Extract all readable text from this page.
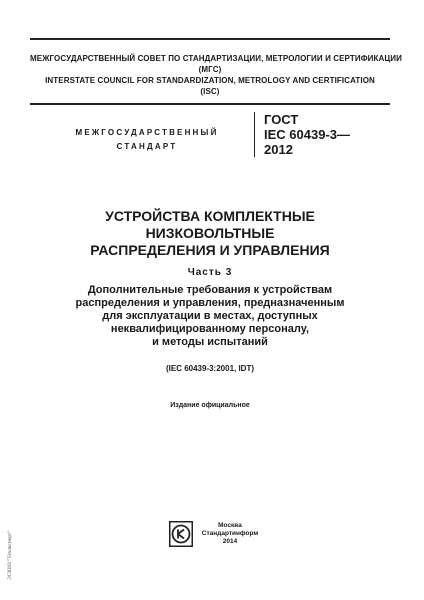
МЕЖГОСУДАРСТВЕННЫЙ СОВЕТ ПО СТАНДАРТИЗАЦИИ, МЕТРОЛОГИИ И СЕРТИФИКАЦИИ
(МГС)
INTERSTATE COUNCIL FOR STANDARDIZATION, METROLOGY AND CERTIFICATION
(ISC)
МЕЖГОСУДАРСТВЕННЫЙ
СТАНДАРТ
ГОСТ
IEC 60439-3—
2012
УСТРОЙСТВА КОМПЛЕКТНЫЕ
НИЗКОВОЛЬТНЫЕ
РАСПРЕДЕЛЕНИЯ И УПРАВЛЕНИЯ
Часть 3
Дополнительные требования к устройствам
распределения и управления, предназначенным
для эксплуатации в местах, доступных
неквалифицированному персоналу,
и методы испытаний
(IEC 60439-3:2001, IDT)
Издание официальное
Москва
Стандартинформ
2014
ЭСКИЗ "Техэксперт"
